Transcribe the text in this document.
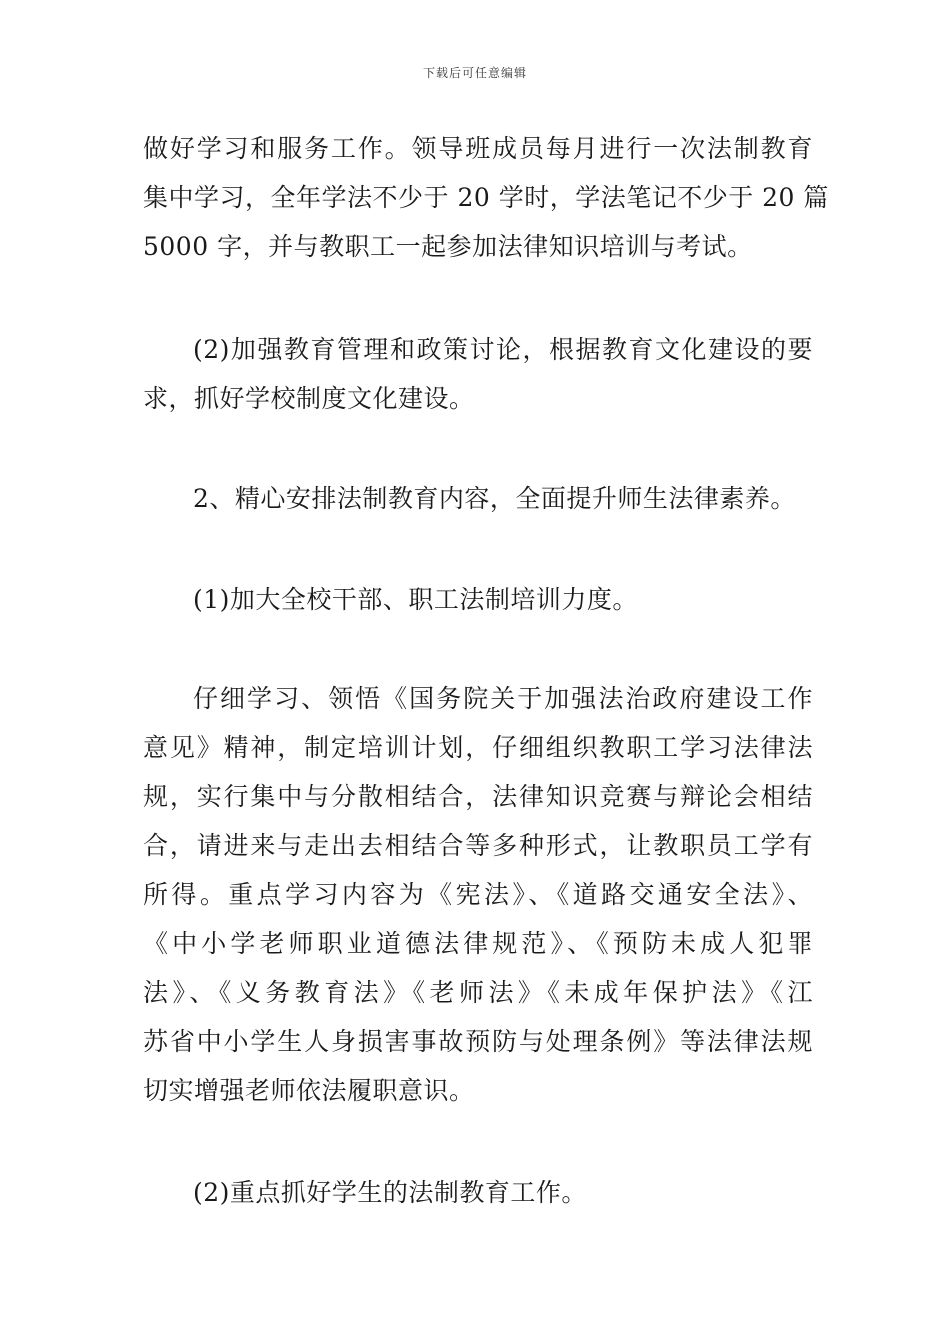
下载后可任意编辑
做好学习和服务工作。领导班成员每月进行一次法制教育
集中学习，全年学法不少于 20 学时，学法笔记不少于 20 篇
5000 字，并与教职工一起参加法律知识培训与考试。
(2)加强教育管理和政策讨论，根据教育文化建设的要
求，抓好学校制度文化建设。
2、精心安排法制教育内容，全面提升师生法律素养。
(1)加大全校干部、职工法制培训力度。
仔细学习、领悟《国务院关于加强法治政府建设工作
意见》精神，制定培训计划，仔细组织教职工学习法律法
规，实行集中与分散相结合，法律知识竞赛与辩论会相结
合，请进来与走出去相结合等多种形式，让教职员工学有
所得。重点学习内容为《宪法》、《道路交通安全法》、
《中小学老师职业道德法律规范》、《预防未成人犯罪
法》、《义务教育法》《老师法》《未成年保护法》《江
苏省中小学生人身损害事故预防与处理条例》等法律法规
切实增强老师依法履职意识。
(2)重点抓好学生的法制教育工作。
